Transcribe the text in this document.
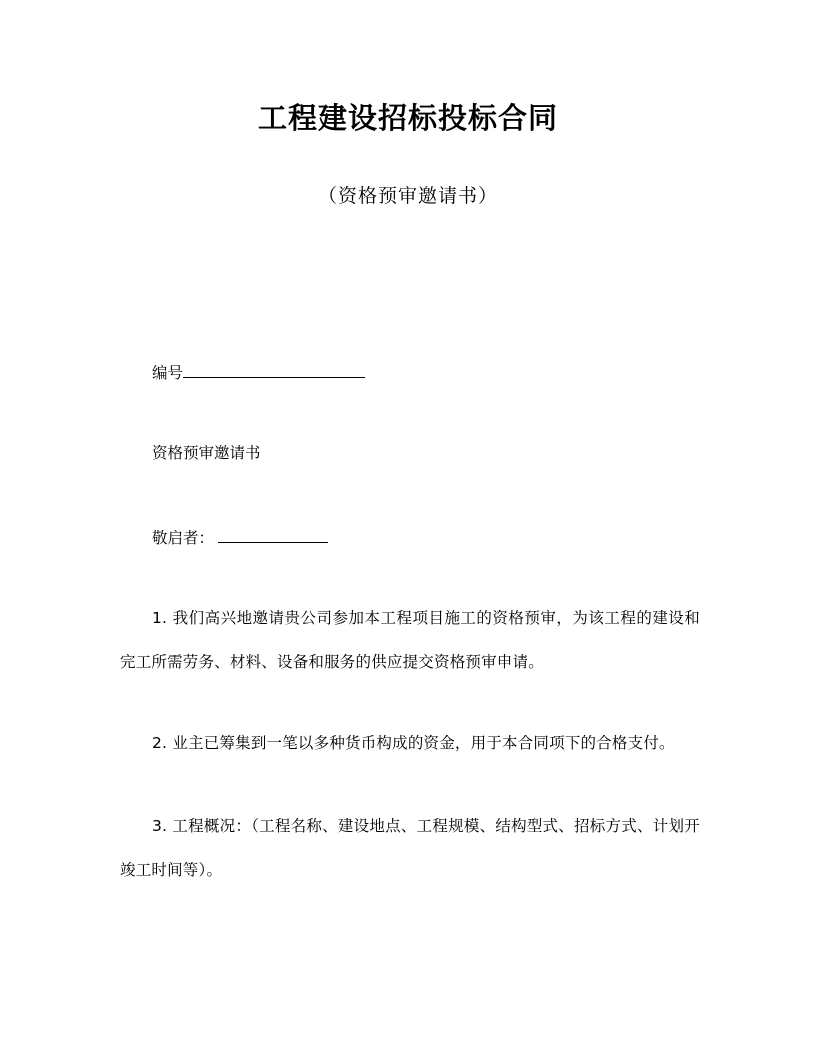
工程建设招标投标合同
（资格预审邀请书）
编号
资格预审邀请书
敬启者：
1. 我们高兴地邀请贵公司参加本工程项目施工的资格预审，为该工程的建设和完工所需劳务、材料、设备和服务的供应提交资格预审申请。
2. 业主已筹集到一笔以多种货币构成的资金，用于本合同项下的合格支付。
3. 工程概况：（工程名称、建设地点、工程规模、结构型式、招标方式、计划开竣工时间等）。
